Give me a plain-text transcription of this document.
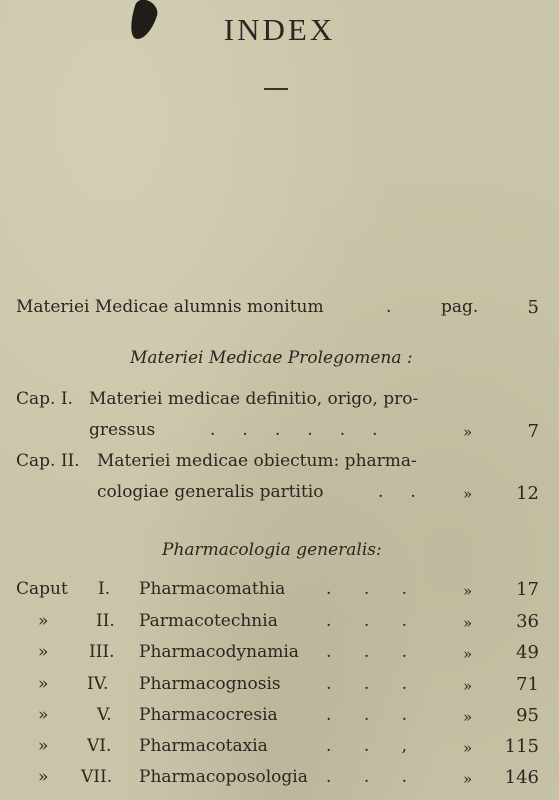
INDEX
Materiei Medicae alumnis monitum	.	pag.	5
Materiei Medicae Prolegomena :
Cap. I. Materiei medicae definitio, origo, pro-
gressus	.     .     .     .     .     .	»	7
Cap. II. Materiei medicae obiectum: pharma-
cologiae generalis partitio	.     .	» 12
Pharmacologia generalis:
Caput I. Pharmacomathia .      .      .	» 17
»	II. Parmacotechnia	.      .      .	» 36
» III. Pharmacodynamia .      .      .	» 49
» IV. Pharmacognosis	.      .      .	» 71
»	V. Pharmacocresia	.      .      .	» 95
» VI. Pharmacotaxia	.      .      ,	» 115
» VII. Pharmacoposologia .      .      .	» 146
